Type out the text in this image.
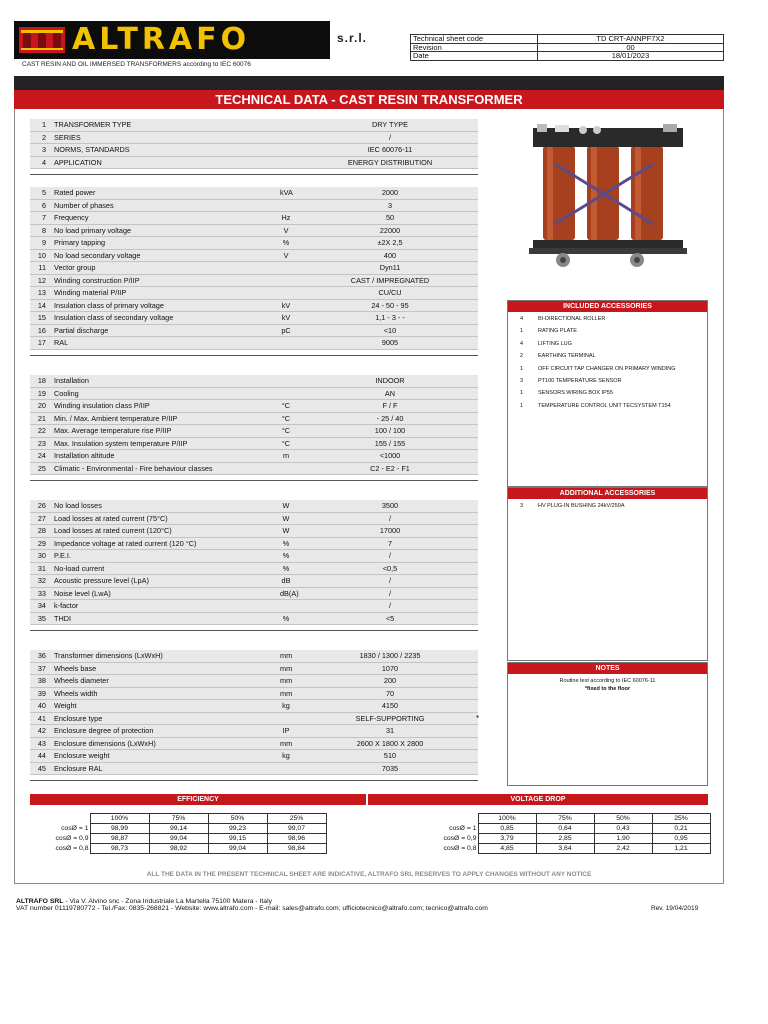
ALTRAFO	s.r.l.
CAST RESIN AND OIL IMMERSED TRANSFORMERS according to IEC 60076
Technical sheet code	TD CRT-ANNPF7X2
Revision	00
Date	18/01/2023
TECHNICAL DATA - CAST RESIN TRANSFORMER
1 TRANSFORMER TYPE	DRY TYPE
2 SERIES	/
3 NORMS, STANDARDS	IEC 60076-11
4 APPLICATION	ENERGY DISTRIBUTION
5 Rated power	kVA	2000
6 Number of phases	3
7 Frequency	Hz	50
8 No load primary voltage	V	22000
9 Primary tapping	%	±2X 2,5
10 No load secondary voltage	V	400
11 Vector group	Dyn11
12 Winding construction P/IIP	CAST / IMPREGNATED
13 Winding material P/IIP	CU/CU
14 Insulation class of primary voltage	kV	24 - 50 - 95
15 Insulation class of secondary voltage	kV	1,1 - 3 - -
16 Partial discharge	pC	<10
17 RAL	9005
18 Installation	INDOOR
19 Cooling	AN
20 Winding insulation class P/IIP	°C	F / F
21 Min. / Max. Ambient temperature P/IIP	°C	- 25 / 40
22 Max. Average temperature rise P/IIP	°C	100 / 100
23 Max. Insulation system temperature P/IIP	°C	155 / 155
24 Installation altitude	m	<1000
25 Climatic - Environmental - Fire behaviour classes	C2 - E2 - F1
26 No load losses	W	3500
27 Load losses at rated current (75°C)	W	/
28 Load losses at rated current (120°C)	W	17000
29 Impedance voltage at rated current (120 °C)	%	7
30 P.E.I.	%	/
31 No-load current	%	<0,5
32 Acoustic pressure level (LpA)	dB	/
33 Noise level (LwA)	dB(A)	/
34 k-factor	/
35 THDI	%	<5
36 Transformer dimensions (LxWxH)	mm	1830 / 1300 / 2235
37 Wheels base	mm	1070
38 Wheels diameter	mm	200
39 Wheels width	mm	70
40 Weight	kg	4150
41 Enclosure type	SELF-SUPPORTING	*
42 Enclosure degree of protection	IP	31
43 Enclosure dimensions (LxWxH)	mm	2600 X 1800 X 2800
44 Enclosure weight	kg	510
45 Enclosure RAL	7035
INCLUDED ACCESSORIES
4	BI-DIRECTIONAL ROLLER
1	RATING PLATE
4	LIFTING LUG
2	EARTHING TERMINAL
1	OFF CIRCUIT TAP CHANGER ON PRIMARY WINDING
3	PT100 TEMPERATURE SENSOR
1	SENSORS WIRING BOX IP55
1	TEMPERATURE CONTROL UNIT TECSYSTEM T154
ADDITIONAL ACCESSORIES
3	HV PLUG-IN BUSHING 24kV/250A
NOTES
Routine test according to IEC 60076-11
*fixed to the floor
EFFICIENCY
	100%	75%	50%	25%
cosØ = 1	98,99	99,14	99,23	99,07
cosØ = 0,9	98,87	99,04	99,15	98,96
cosØ = 0,8	98,73	98,92	99,04	98,84
VOLTAGE DROP
	100%	75%	50%	25%
cosØ = 1	0,85	0,64	0,43	0,21
cosØ = 0,9	3,79	2,85	1,90	0,95
cosØ = 0,8	4,85	3,64	2,42	1,21
ALL THE DATA IN THE PRESENT TECHNICAL SHEET ARE INDICATIVE, ALTRAFO SRL RESERVES TO APPLY CHANGES WITHOUT ANY NOTICE
ALTRAFO SRL - Via V. Alvino snc - Zona Industriale La Martella 75100 Matera - Italy
VAT number 01119780772 - Tel./Fax: 0835-268821 - Website: www.altrafo.com - E-mail: sales@altrafo.com; ufficiotecnico@altrafo.com; tecnico@altrafo.com	Rev. 19/04/2019
